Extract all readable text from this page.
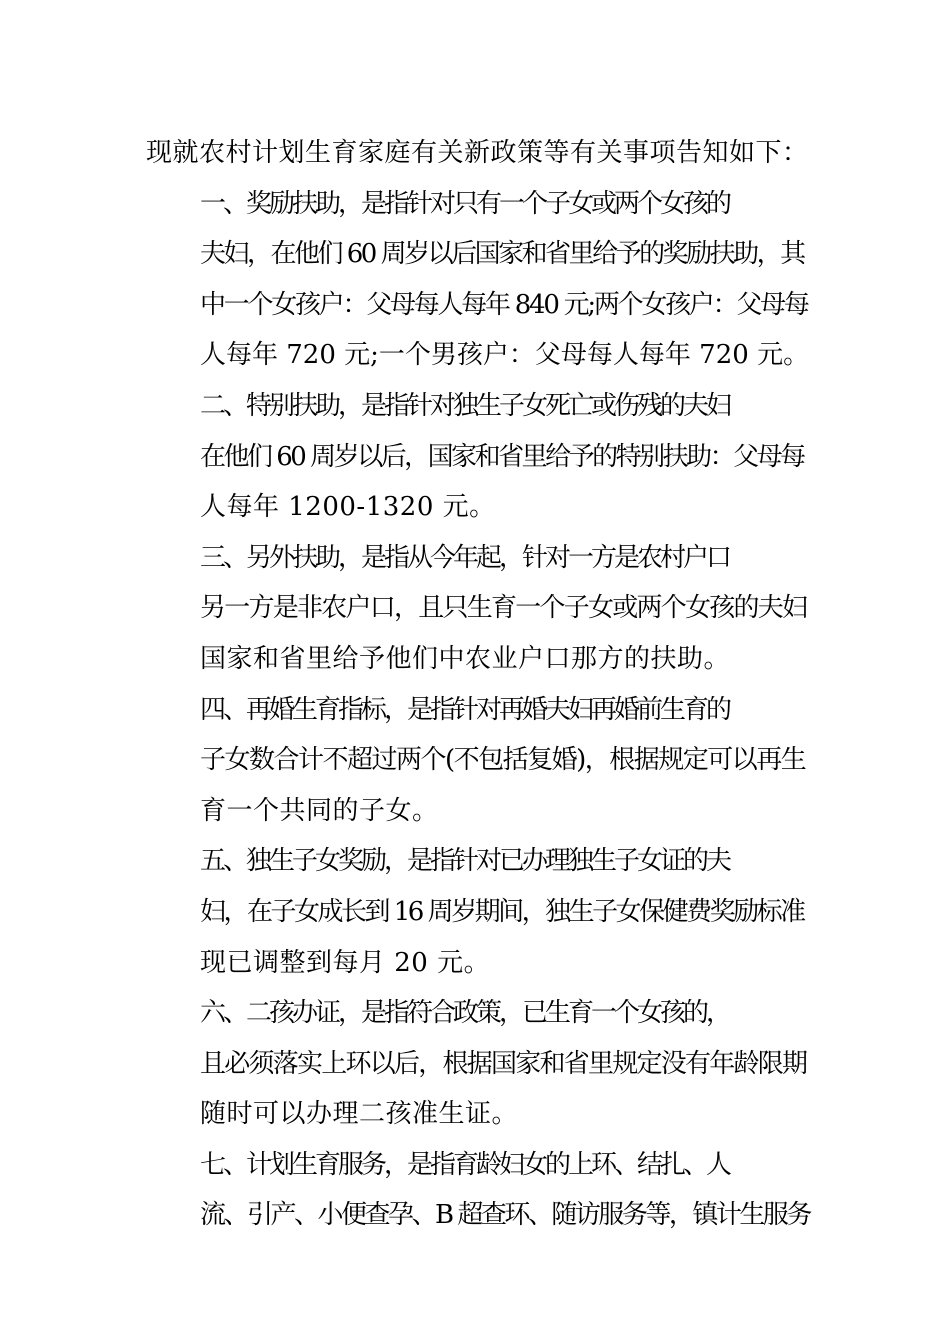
现就农村计划生育家庭有关新政策等有关事项告知如下：

一、奖励扶助，是指针对只有一个子女或两个女孩的
夫妇，在他们 60 周岁以后国家和省里给予的奖励扶助，其
中一个女孩户：父母每人每年 840 元;两个女孩户：父母每
人每年 720 元;一个男孩户：父母每人每年 720 元。

二、特别扶助，是指针对独生子女死亡或伤残的夫妇
在他们 60 周岁以后，国家和省里给予的特别扶助：父母每
人每年 1200-1320 元。

三、另外扶助，是指从今年起，针对一方是农村户口
另一方是非农户口，且只生育一个子女或两个女孩的夫妇
国家和省里给予他们中农业户口那方的扶助。

四、再婚生育指标，是指针对再婚夫妇再婚前生育的
子女数合计不超过两个(不包括复婚)，根据规定可以再生
育一个共同的子女。

五、独生子女奖励，是指针对已办理独生子女证的夫
妇，在子女成长到 16 周岁期间，独生子女保健费奖励标准
现已调整到每月 20 元。

六、二孩办证，是指符合政策，已生育一个女孩的，
且必须落实上环以后，根据国家和省里规定没有年龄限期
随时可以办理二孩准生证。

七、计划生育服务，是指育龄妇女的上环、结扎、人
流、引产、小便查孕、B 超查环、随访服务等，镇计生服务
